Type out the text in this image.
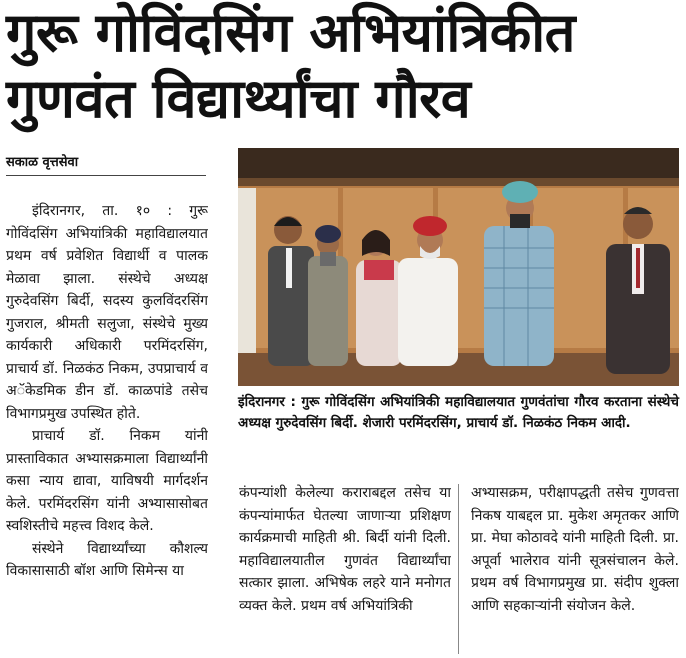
गुरू गोविंदसिंग अभियांत्रिकीत
गुणवंत विद्यार्थ्यांचा गौरव
सकाळ वृत्तसेवा

इंदिरानगर, ता. १० : गुरू गोविंदसिंग अभियांत्रिकी महाविद्यालयात प्रथम वर्ष प्रवेशित विद्यार्थी व पालक मेळावा झाला. संस्थेचे अध्यक्ष गुरुदेवसिंग बिर्दी, सदस्य कुलविंदरसिंग गुजराल, श्रीमती सलुजा, संस्थेचे मुख्य कार्यकारी अधिकारी परमिंदरसिंग, प्राचार्य डॉ. निळकंठ निकम, उपप्राचार्य व अॅकेडमिक डीन डॉ. काळपांडे तसेच विभागप्रमुख उपस्थित होते.

प्राचार्य डॉ. निकम यांनी प्रास्ताविकात अभ्यासक्रमाला विद्यार्थ्यांनी कसा न्याय द्यावा, याविषयी मार्गदर्शन केले. परमिंदरसिंग यांनी अभ्यासासोबत स्वशिस्तीचे महत्त्व विशद केले.

संस्थेने विद्यार्थ्यांच्या कौशल्य विकासासाठी बॉश आणि सिमेन्स या

इंदिरानगर : गुरू गोविंदसिंग अभियांत्रिकी महाविद्यालयात गुणवंतांचा गौरव करताना संस्थेचे अध्यक्ष गुरुदेवसिंग बिर्दी. शेजारी परमिंदरसिंग, प्राचार्य डॉ. निळकंठ निकम आदी.

कंपन्यांशी केलेल्या कराराबद्दल तसेच या कंपन्यांमार्फत घेतल्या जाणाऱ्या प्रशिक्षण कार्यक्रमाची माहिती श्री. बिर्दी यांनी दिली. महाविद्यालयातील गुणवंत विद्यार्थ्यांचा सत्कार झाला. अभिषेक लहरे याने मनोगत व्यक्त केले. प्रथम वर्ष अभियांत्रिकी

अभ्यासक्रम, परीक्षापद्धती तसेच गुणवत्ता निकष याबद्दल प्रा. मुकेश अमृतकर आणि प्रा. मेघा कोठावदे यांनी माहिती दिली. प्रा. अपूर्वा भालेराव यांनी सूत्रसंचालन केले. प्रथम वर्ष विभागप्रमुख प्रा. संदीप शुक्ला आणि सहकाऱ्यांनी संयोजन केले.
